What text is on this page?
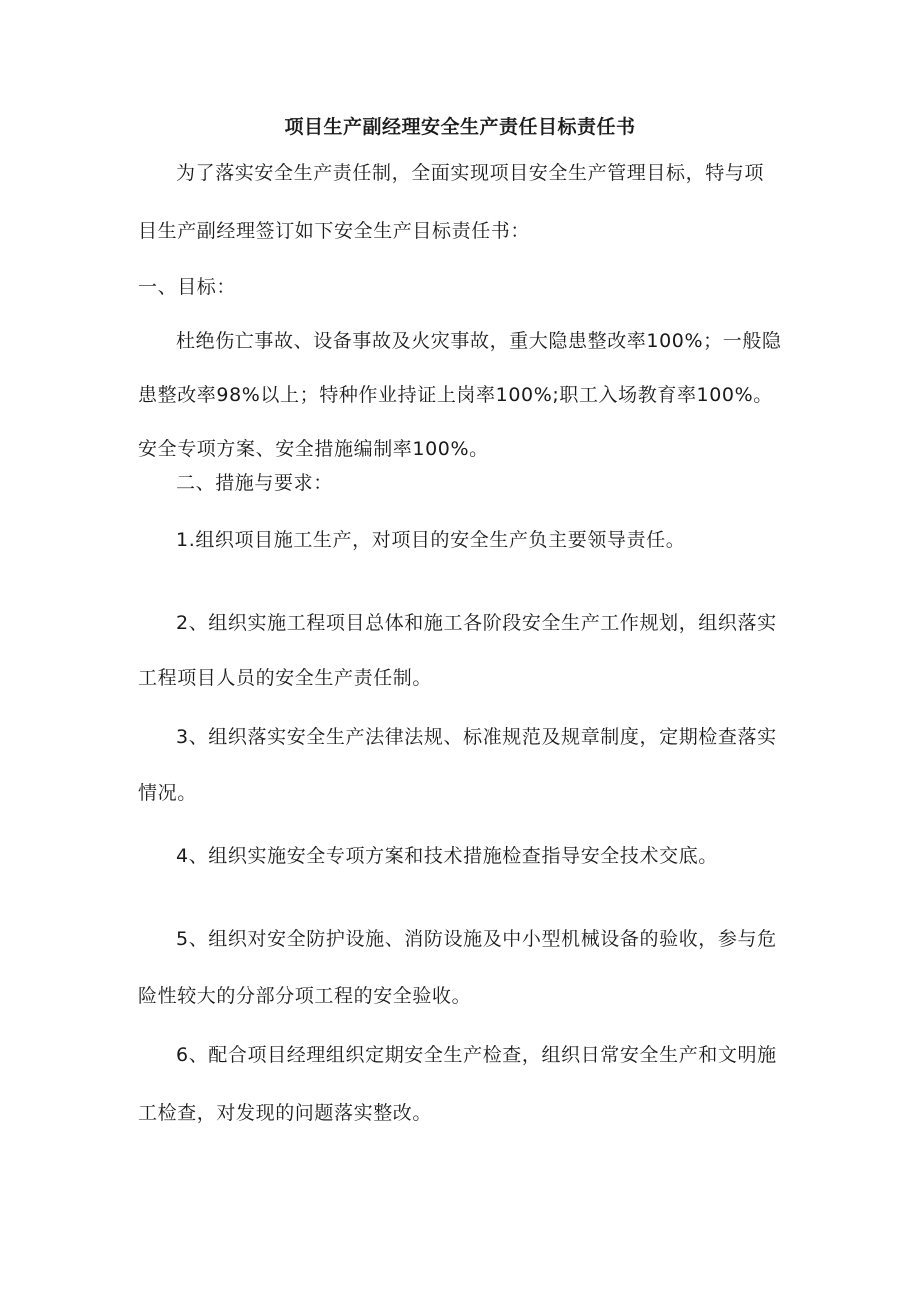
项目生产副经理安全生产责任目标责任书
为了落实安全生产责任制，全面实现项目安全生产管理目标，特与项
目生产副经理签订如下安全生产目标责任书：
一、目标：
杜绝伤亡事故、设备事故及火灾事故，重大隐患整改率100%；一般隐
患整改率98%以上；特种作业持证上岗率100%;职工入场教育率100%。
安全专项方案、安全措施编制率100%。
二、措施与要求：
1.组织项目施工生产，对项目的安全生产负主要领导责任。
2、组织实施工程项目总体和施工各阶段安全生产工作规划，组织落实
工程项目人员的安全生产责任制。
3、组织落实安全生产法律法规、标准规范及规章制度，定期检查落实
情况。
4、组织实施安全专项方案和技术措施检查指导安全技术交底。
5、组织对安全防护设施、消防设施及中小型机械设备的验收，参与危
险性较大的分部分项工程的安全验收。
6、配合项目经理组织定期安全生产检查，组织日常安全生产和文明施
工检查，对发现的问题落实整改。
